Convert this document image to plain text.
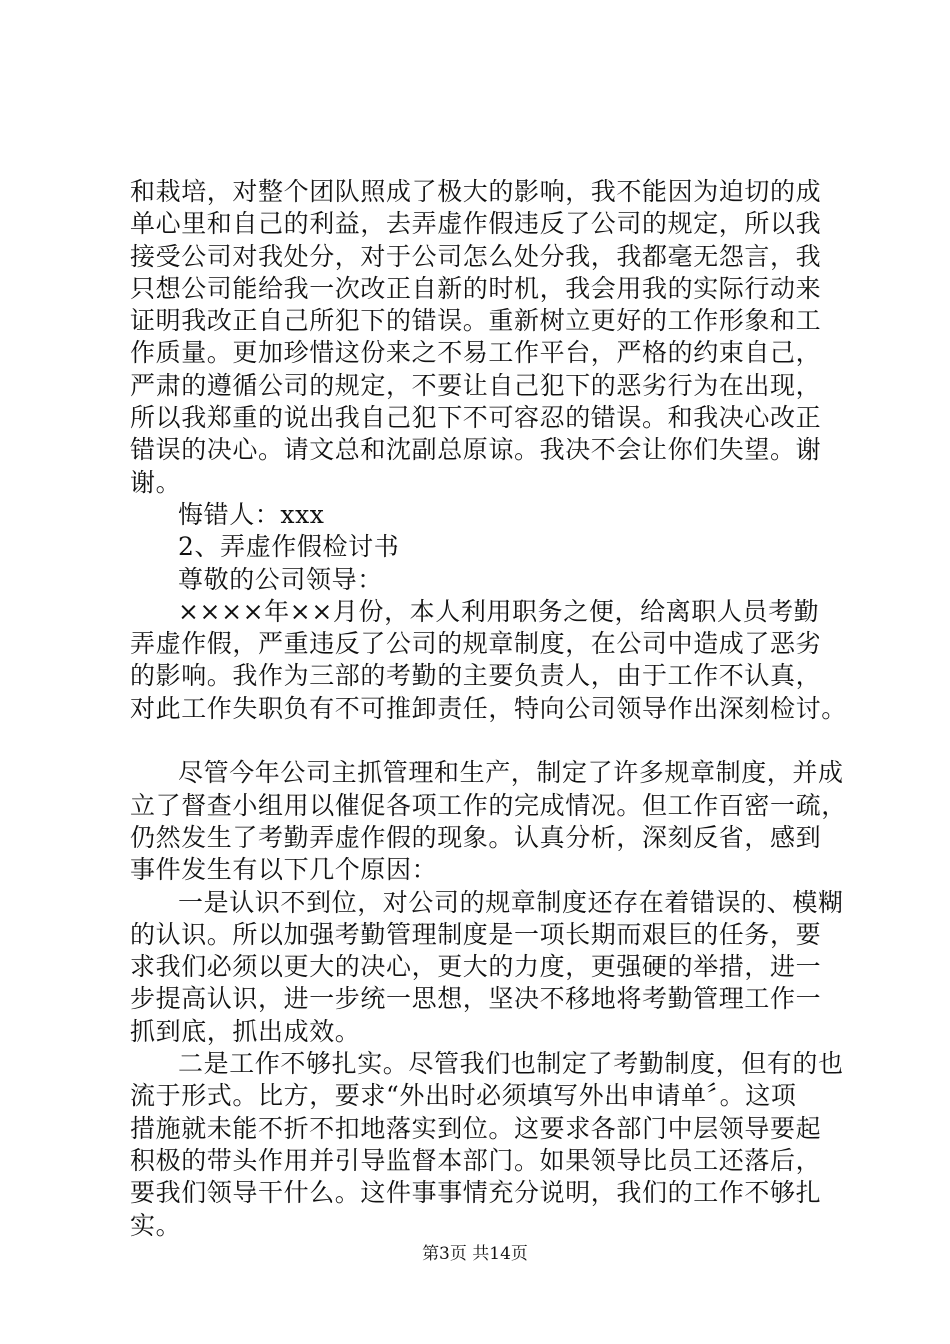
和栽培，对整个团队照成了极大的影响，我不能因为迫切的成
单心里和自己的利益，去弄虚作假违反了公司的规定，所以我
接受公司对我处分，对于公司怎么处分我，我都毫无怨言，我
只想公司能给我一次改正自新的时机，我会用我的实际行动来
证明我改正自己所犯下的错误。重新树立更好的工作形象和工
作质量。更加珍惜这份来之不易工作平台，严格的约束自己，
严肃的遵循公司的规定，不要让自己犯下的恶劣行为在出现，
所以我郑重的说出我自己犯下不可容忍的错误。和我决心改正
错误的决心。请文总和沈副总原谅。我决不会让你们失望。谢
谢。
悔错人：xxx
2、弄虚作假检讨书
尊敬的公司领导：
××××年××月份，本人利用职务之便，给离职人员考勤
弄虚作假，严重违反了公司的规章制度，在公司中造成了恶劣
的影响。我作为三部的考勤的主要负责人，由于工作不认真，
对此工作失职负有不可推卸责任，特向公司领导作出深刻检讨。
尽管今年公司主抓管理和生产，制定了许多规章制度，并成
立了督查小组用以催促各项工作的完成情况。但工作百密一疏，
仍然发生了考勤弄虚作假的现象。认真分析，深刻反省，感到
事件发生有以下几个原因：
一是认识不到位，对公司的规章制度还存在着错误的、模糊
的认识。所以加强考勤管理制度是一项长期而艰巨的任务，要
求我们必须以更大的决心，更大的力度，更强硬的举措，进一
步提高认识，进一步统一思想，坚决不移地将考勤管理工作一
抓到底，抓出成效。
二是工作不够扎实。尽管我们也制定了考勤制度，但有的也
流于形式。比方，要求“外出时必须填写外出申请单〞。这项
措施就未能不折不扣地落实到位。这要求各部门中层领导要起
积极的带头作用并引导监督本部门。如果领导比员工还落后，
要我们领导干什么。这件事事情充分说明，我们的工作不够扎
实。
第3页 共14页
